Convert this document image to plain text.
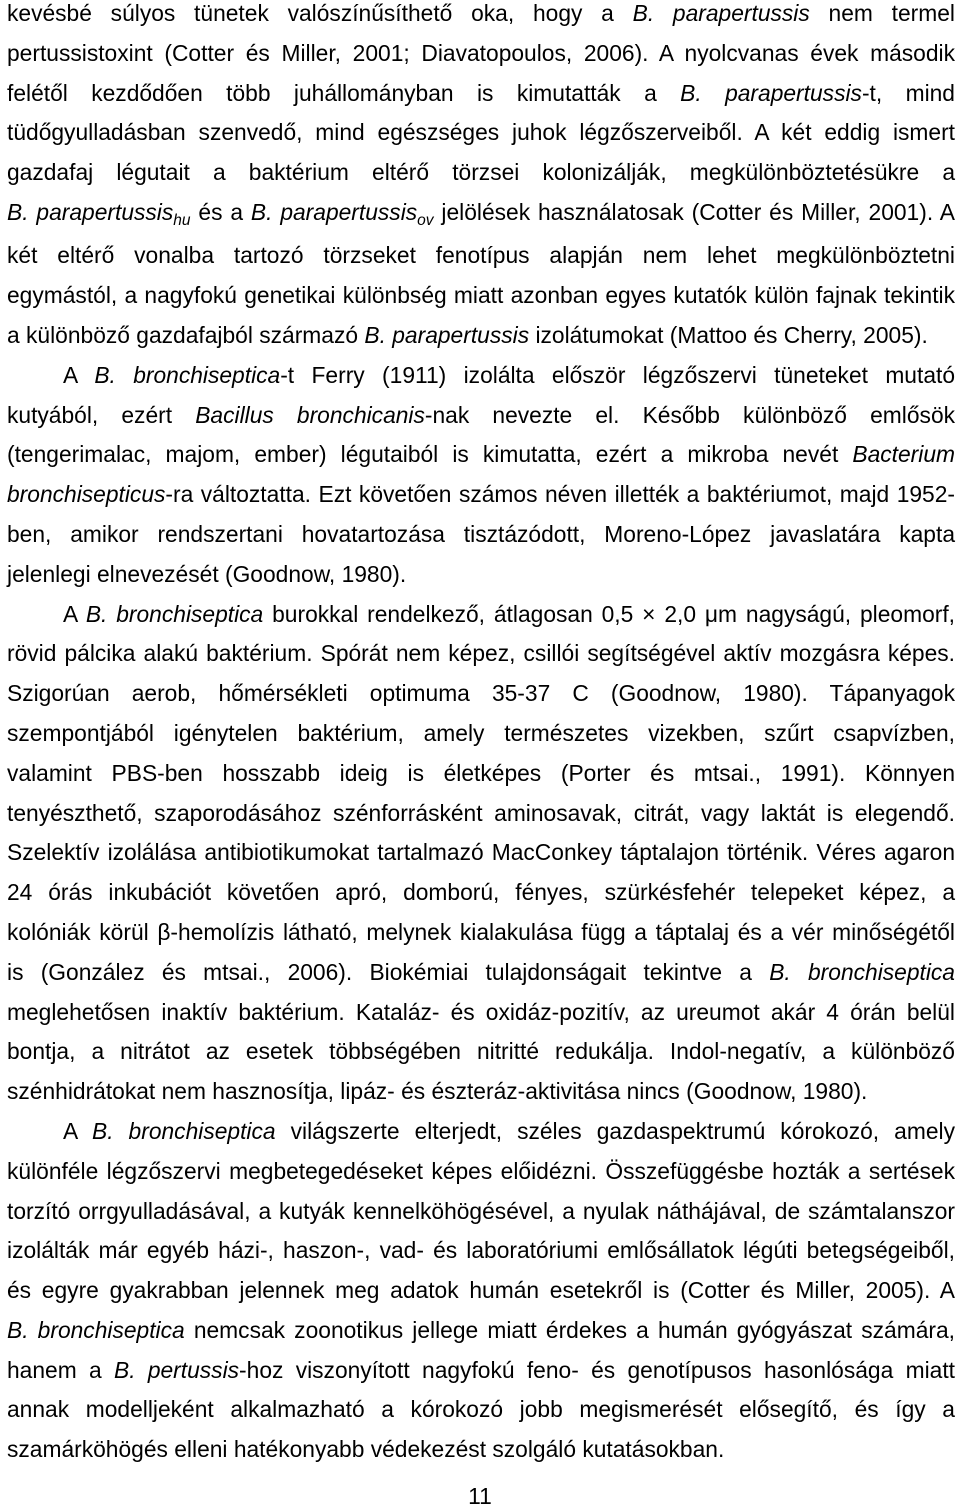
kevésbé súlyos tünetek valószínűsíthető oka, hogy a B. parapertussis nem termel
pertussistoxint (Cotter és Miller, 2001; Diavatopoulos, 2006). A nyolcvanas évek második
felétől kezdődően több juhállományban is kimutatták a B. parapertussis-t, mind
tüdőgyulladásban szenvedő, mind egészséges juhok légzőszerveiből. A két eddig ismert
gazdafaj légutait a baktérium eltérő törzsei kolonizálják, megkülönböztetésükre a
B. parapertussis$_{hu}$ és a B. parapertussis$_{ov}$ jelölések használatosak (Cotter és Miller, 2001). A
két eltérő vonalba tartozó törzseket fenotípus alapján nem lehet megkülönböztetni
egymástól, a nagyfokú genetikai különbség miatt azonban egyes kutatók külön fajnak tekintik
a különböző gazdafajból származó B. parapertussis izolátumokat (Mattoo és Cherry, 2005).
A B. bronchiseptica-t Ferry (1911) izolálta először légzőszervi tüneteket mutató
kutyából, ezért Bacillus bronchicanis-nak nevezte el. Később különböző emlősök
(tengerimalac, majom, ember) légutaiból is kimutatta, ezért a mikroba nevét Bacterium
bronchisepticus-ra változtatta. Ezt követően számos néven illették a baktériumot, majd 1952-
ben, amikor rendszertani hovatartozása tisztázódott, Moreno-López javaslatára kapta
jelenlegi elnevezését (Goodnow, 1980).
A B. bronchiseptica burokkal rendelkező, átlagosan 0,5 × 2,0 μm nagyságú, pleomorf,
rövid pálcika alakú baktérium. Spórát nem képez, csillói segítségével aktív mozgásra képes.
Szigorúan aerob, hőmérsékleti optimuma 35-37 C (Goodnow, 1980). Tápanyagok
szempontjából igénytelen baktérium, amely természetes vizekben, szűrt csapvízben,
valamint PBS-ben hosszabb ideig is életképes (Porter és mtsai., 1991). Könnyen
tenyészthető, szaporodásához szénforrásként aminosavak, citrát, vagy laktát is elegendő.
Szelektív izolálása antibiotikumokat tartalmazó MacConkey táptalajon történik. Véres agaron
24 órás inkubációt követően apró, domború, fényes, szürkésfehér telepeket képez, a
kolóniák körül β-hemolízis látható, melynek kialakulása függ a táptalaj és a vér minőségétől
is (González és mtsai., 2006). Biokémiai tulajdonságait tekintve a B. bronchiseptica
meglehetősen inaktív baktérium. Kataláz- és oxidáz-pozitív, az ureumot akár 4 órán belül
bontja, a nitrátot az esetek többségében nitritté redukálja. Indol-negatív, a különböző
szénhidrátokat nem hasznosítja, lipáz- és észteráz-aktivitása nincs (Goodnow, 1980).
A B. bronchiseptica világszerte elterjedt, széles gazdaspektrumú kórokozó, amely
különféle légzőszervi megbetegedéseket képes előidézni. Összefüggésbe hozták a sertések
torzító orrgyulladásával, a kutyák kennelköhögésével, a nyulak náthájával, de számtalanszor
izolálták már egyéb házi-, haszon-, vad- és laboratóriumi emlősállatok légúti betegségeiből,
és egyre gyakrabban jelennek meg adatok humán esetekről is (Cotter és Miller, 2005). A
B. bronchiseptica nemcsak zoonotikus jellege miatt érdekes a humán gyógyászat számára,
hanem a B. pertussis-hoz viszonyított nagyfokú feno- és genotípusos hasonlósága miatt
annak modelljeként alkalmazható a kórokozó jobb megismerését elősegítő, és így a
szamárköhögés elleni hatékonyabb védekezést szolgáló kutatásokban.
11
